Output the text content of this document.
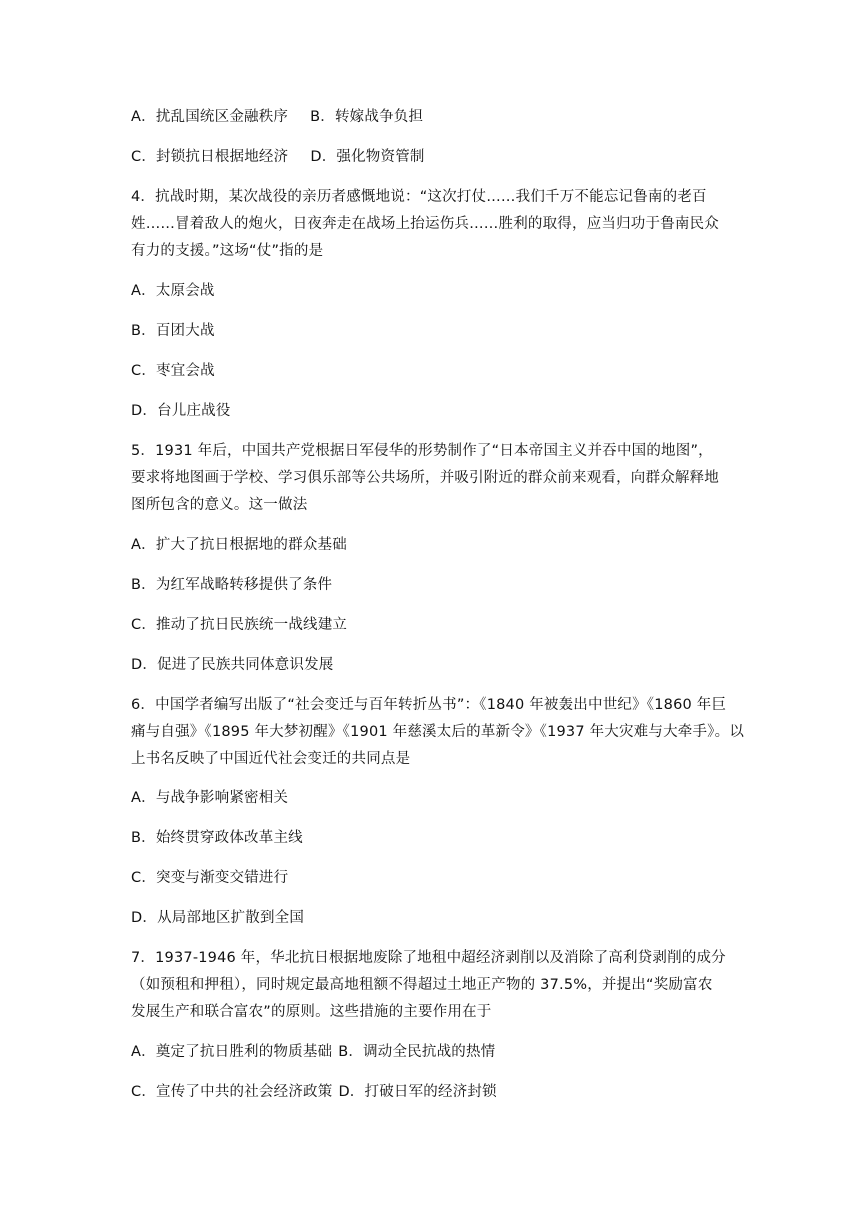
A．扰乱国统区金融秩序 B．转嫁战争负担
C．封锁抗日根据地经济 D．强化物资管制
4．抗战时期，某次战役的亲历者感慨地说：“这次打仗……我们千万不能忘记鲁南的老百
姓……冒着敌人的炮火，日夜奔走在战场上抬运伤兵……胜利的取得，应当归功于鲁南民众
有力的支援。”这场“仗”指的是
A．太原会战
B．百团大战
C．枣宜会战
D．台儿庄战役
5．1931 年后，中国共产党根据日军侵华的形势制作了“日本帝国主义并吞中国的地图”，
要求将地图画于学校、学习俱乐部等公共场所，并吸引附近的群众前来观看，向群众解释地
图所包含的意义。这一做法
A．扩大了抗日根据地的群众基础
B．为红军战略转移提供了条件
C．推动了抗日民族统一战线建立
D．促进了民族共同体意识发展
6．中国学者编写出版了“社会变迁与百年转折丛书”：《1840 年被轰出中世纪》《1860 年巨
痛与自强》《1895 年大梦初醒》《1901 年慈溪太后的革新令》《1937 年大灾难与大牵手》。以
上书名反映了中国近代社会变迁的共同点是
A．与战争影响紧密相关
B．始终贯穿政体改革主线
C．突变与渐变交错进行
D．从局部地区扩散到全国
7．1937-1946 年，华北抗日根据地废除了地租中超经济剥削以及消除了高利贷剥削的成分
（如预租和押租），同时规定最高地租额不得超过土地正产物的 37.5%，并提出“奖励富农
发展生产和联合富农”的原则。这些措施的主要作用在于
A．奠定了抗日胜利的物质基础 B．调动全民抗战的热情
C．宣传了中共的社会经济政策 D．打破日军的经济封锁
